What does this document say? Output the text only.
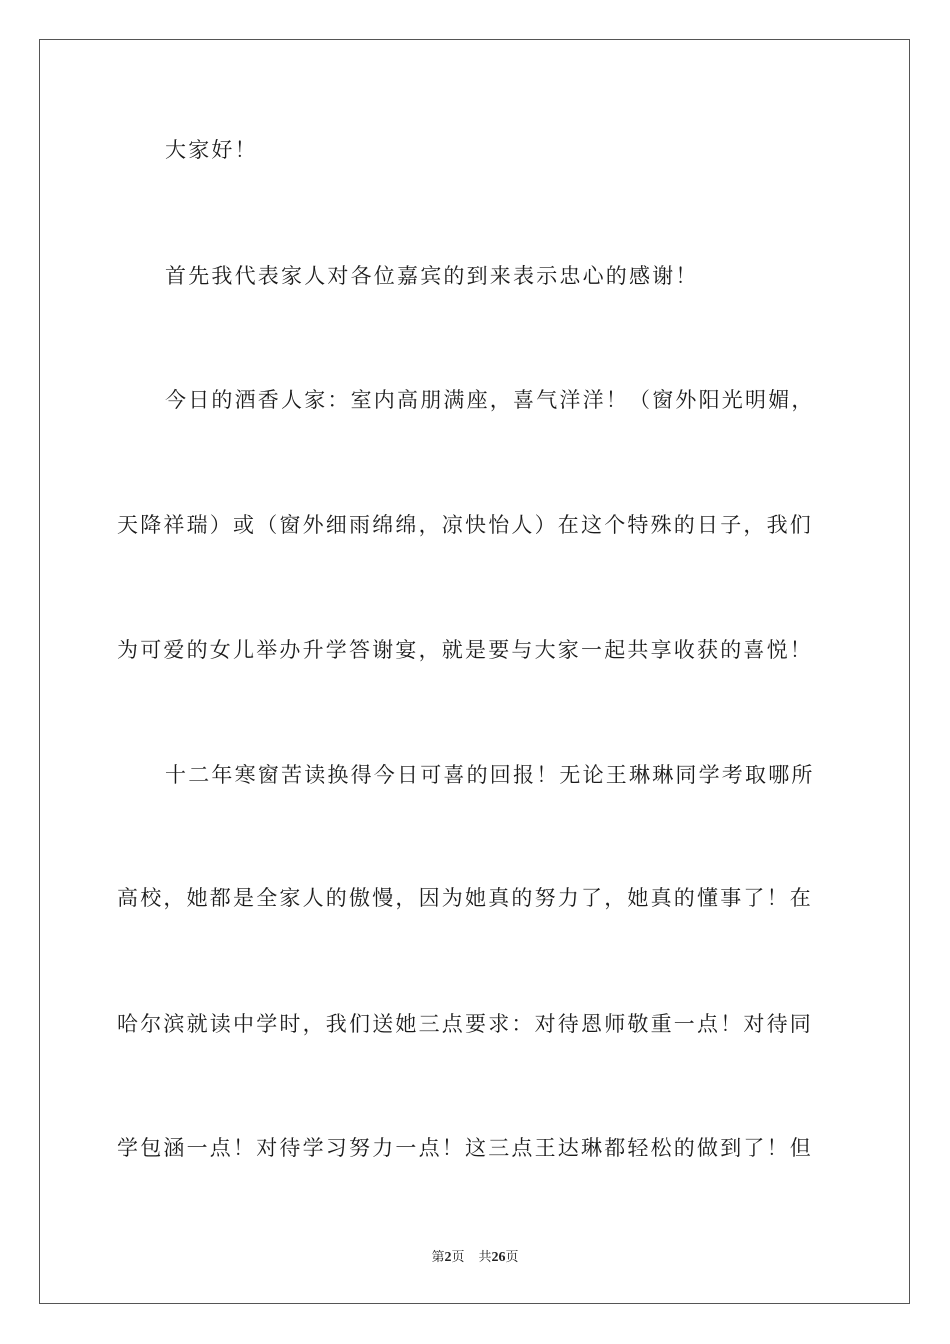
大家好！
首先我代表家人对各位嘉宾的到来表示忠心的感谢！
今日的酒香人家：室内高朋满座，喜气洋洋！（窗外阳光明媚，
天降祥瑞）或（窗外细雨绵绵，凉快怡人）在这个特殊的日子，我们
为可爱的女儿举办升学答谢宴，就是要与大家一起共享收获的喜悦！
十二年寒窗苦读换得今日可喜的回报！无论王琳琳同学考取哪所
高校，她都是全家人的傲慢，因为她真的努力了，她真的懂事了！在
哈尔滨就读中学时，我们送她三点要求：对待恩师敬重一点！对待同
学包涵一点！对待学习努力一点！这三点王达琳都轻松的做到了！但
第2页 共26页
